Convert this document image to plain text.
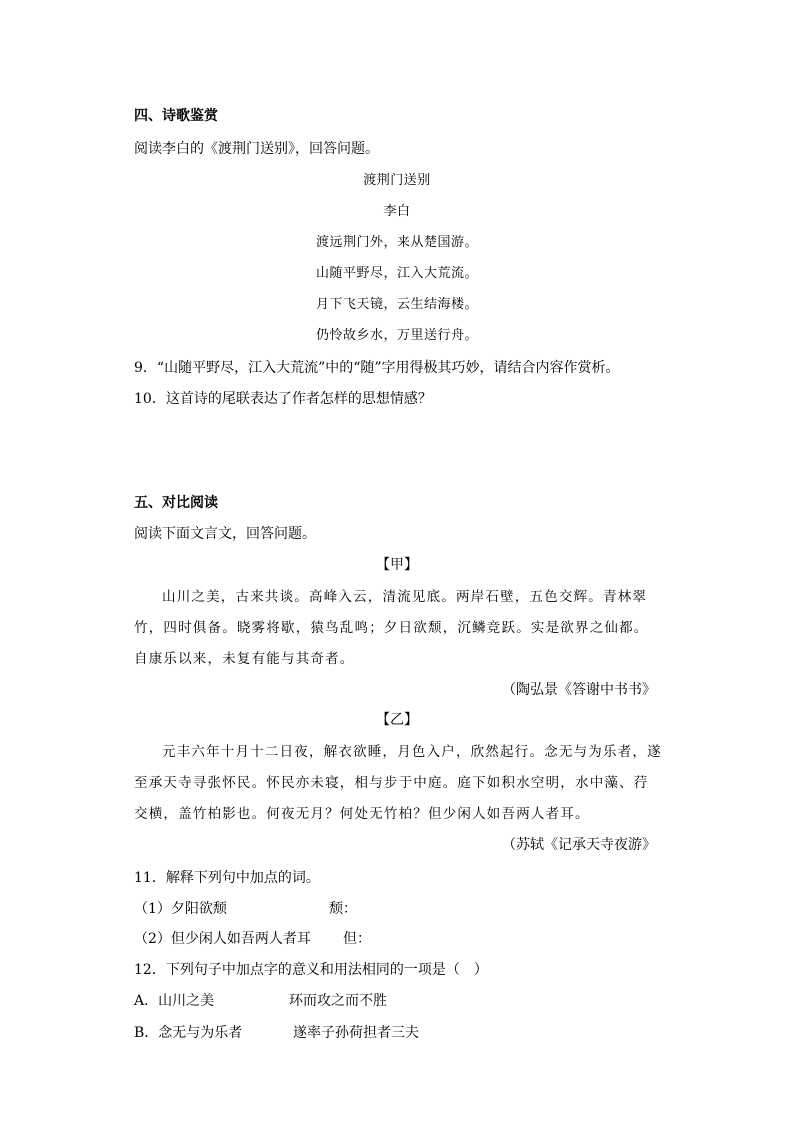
四、诗歌鉴赏
阅读李白的《渡荆门送别》，回答问题。
渡荆门送别
李白
渡远荆门外，来从楚国游。
山随平野尽，江入大荒流。
月下飞天镜，云生结海楼。
仍怜故乡水，万里送行舟。
9．“山随平野尽，江入大荒流”中的“随”字用得极其巧妙，请结合内容作赏析。
10．这首诗的尾联表达了作者怎样的思想情感？
五、对比阅读
阅读下面文言文，回答问题。
【甲】
山川之美，古来共谈。高峰入云，清流见底。两岸石壁，五色交辉。青林翠竹，四时俱备。晓雾将歇，猿鸟乱鸣；夕日欲颓，沉鳞竞跃。实是欲界之仙都。自康乐以来，未复有能与其奇者。
（陶弘景《答谢中书书》
【乙】
元丰六年十月十二日夜，解衣欲睡，月色入户，欣然起行。念无与为乐者，遂至承天寺寻张怀民。怀民亦未寝，相与步于中庭。庭下如积水空明，水中藻、荇交横，盖竹柏影也。何夜无月？何处无竹柏？但少闲人如吾两人者耳。
（苏轼《记承天寺夜游》
11．解释下列句中加点的词。
（1）夕阳欲颓	颓：
（2）但少闲人如吾两人者耳 但：
12．下列句子中加点字的意义和用法相同的一项是（　）
A．山川之美	环而攻之而不胜
B．念无与为乐者	遂率子孙荷担者三夫
